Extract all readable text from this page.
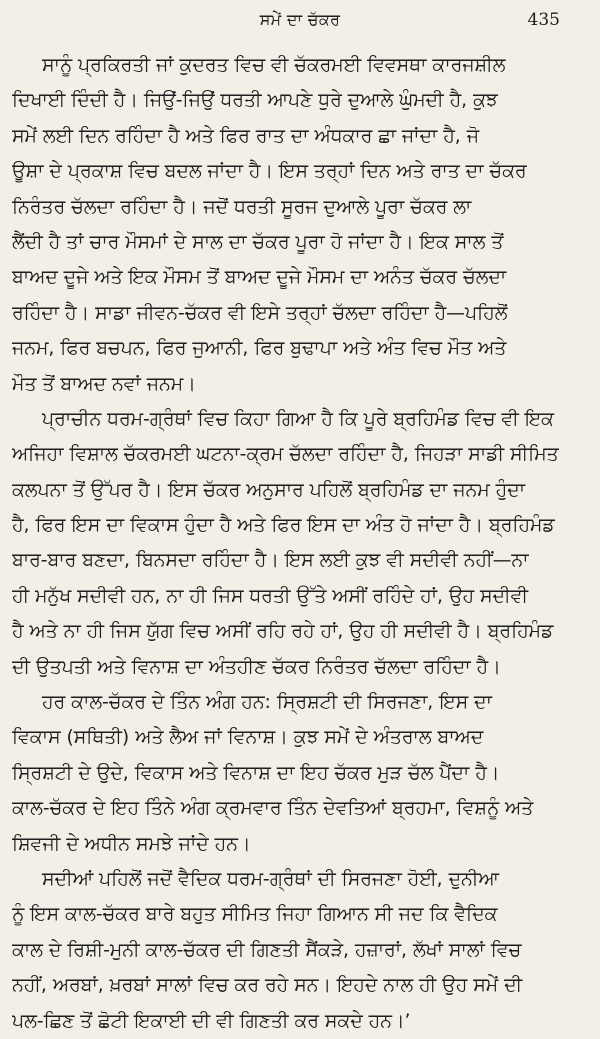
ਸਮੇਂ ਦਾ ਚੱਕਰ	435
ਸਾਨੂੰ ਪ੍ਰਕਿਰਤੀ ਜਾਂ ਕੁਦਰਤ ਵਿਚ ਵੀ ਚੱਕਰਮਈ ਵਿਵਸਥਾ ਕਾਰਜਸ਼ੀਲ
ਦਿਖਾਈ ਦਿੰਦੀ ਹੈ। ਜਿਉਂ-ਜਿਉਂ ਧਰਤੀ ਆਪਣੇ ਧੁਰੇ ਦੁਆਲੇ ਘੁੰਮਦੀ ਹੈ, ਕੁਝ
ਸਮੇਂ ਲਈ ਦਿਨ ਰਹਿੰਦਾ ਹੈ ਅਤੇ ਫਿਰ ਰਾਤ ਦਾ ਅੰਧਕਾਰ ਛਾ ਜਾਂਦਾ ਹੈ, ਜੋ
ਊਸ਼ਾ ਦੇ ਪ੍ਰਕਾਸ਼ ਵਿਚ ਬਦਲ ਜਾਂਦਾ ਹੈ। ਇਸ ਤਰ੍ਹਾਂ ਦਿਨ ਅਤੇ ਰਾਤ ਦਾ ਚੱਕਰ
ਨਿਰੰਤਰ ਚੱਲਦਾ ਰਹਿੰਦਾ ਹੈ। ਜਦੋਂ ਧਰਤੀ ਸੂਰਜ ਦੁਆਲੇ ਪੂਰਾ ਚੱਕਰ ਲਾ
ਲੈਂਦੀ ਹੈ ਤਾਂ ਚਾਰ ਮੌਸਮਾਂ ਦੇ ਸਾਲ ਦਾ ਚੱਕਰ ਪੂਰਾ ਹੋ ਜਾਂਦਾ ਹੈ। ਇਕ ਸਾਲ ਤੋਂ
ਬਾਅਦ ਦੂਜੇ ਅਤੇ ਇਕ ਮੌਸਮ ਤੋਂ ਬਾਅਦ ਦੂਜੇ ਮੌਸਮ ਦਾ ਅਨੰਤ ਚੱਕਰ ਚੱਲਦਾ
ਰਹਿੰਦਾ ਹੈ। ਸਾਡਾ ਜੀਵਨ-ਚੱਕਰ ਵੀ ਇਸੇ ਤਰ੍ਹਾਂ ਚੱਲਦਾ ਰਹਿੰਦਾ ਹੈ—ਪਹਿਲੋਂ
ਜਨਮ, ਫਿਰ ਬਚਪਨ, ਫਿਰ ਜੁਆਨੀ, ਫਿਰ ਬੁਢਾਪਾ ਅਤੇ ਅੰਤ ਵਿਚ ਮੌਤ ਅਤੇ
ਮੌਤ ਤੋਂ ਬਾਅਦ ਨਵਾਂ ਜਨਮ।
ਪ੍ਰਾਚੀਨ ਧਰਮ-ਗ੍ਰੰਥਾਂ ਵਿਚ ਕਿਹਾ ਗਿਆ ਹੈ ਕਿ ਪੂਰੇ ਬ੍ਰਹਿਮੰਡ ਵਿਚ ਵੀ ਇਕ
ਅਜਿਹਾ ਵਿਸ਼ਾਲ ਚੱਕਰਮਈ ਘਟਨਾ-ਕ੍ਰਮ ਚੱਲਦਾ ਰਹਿੰਦਾ ਹੈ, ਜਿਹੜਾ ਸਾਡੀ ਸੀਮਿਤ
ਕਲਪਨਾ ਤੋਂ ਉੱਪਰ ਹੈ। ਇਸ ਚੱਕਰ ਅਨੁਸਾਰ ਪਹਿਲੋਂ ਬ੍ਰਹਿਮੰਡ ਦਾ ਜਨਮ ਹੁੰਦਾ
ਹੈ, ਫਿਰ ਇਸ ਦਾ ਵਿਕਾਸ ਹੁੰਦਾ ਹੈ ਅਤੇ ਫਿਰ ਇਸ ਦਾ ਅੰਤ ਹੋ ਜਾਂਦਾ ਹੈ। ਬ੍ਰਹਿਮੰਡ
ਬਾਰ-ਬਾਰ ਬਣਦਾ, ਬਿਨਸਦਾ ਰਹਿੰਦਾ ਹੈ। ਇਸ ਲਈ ਕੁਝ ਵੀ ਸਦੀਵੀ ਨਹੀਂ—ਨਾ
ਹੀ ਮਨੁੱਖ ਸਦੀਵੀ ਹਨ, ਨਾ ਹੀ ਜਿਸ ਧਰਤੀ ਉੱਤੇ ਅਸੀਂ ਰਹਿੰਦੇ ਹਾਂ, ਉਹ ਸਦੀਵੀ
ਹੈ ਅਤੇ ਨਾ ਹੀ ਜਿਸ ਯੁੱਗ ਵਿਚ ਅਸੀਂ ਰਹਿ ਰਹੇ ਹਾਂ, ਉਹ ਹੀ ਸਦੀਵੀ ਹੈ। ਬ੍ਰਹਿਮੰਡ
ਦੀ ਉਤਪਤੀ ਅਤੇ ਵਿਨਾਸ਼ ਦਾ ਅੰਤਹੀਣ ਚੱਕਰ ਨਿਰੰਤਰ ਚੱਲਦਾ ਰਹਿੰਦਾ ਹੈ।
ਹਰ ਕਾਲ-ਚੱਕਰ ਦੇ ਤਿੰਨ ਅੰਗ ਹਨ: ਸ੍ਰਿਸ਼ਟੀ ਦੀ ਸਿਰਜਣਾ, ਇਸ ਦਾ
ਵਿਕਾਸ (ਸਥਿਤੀ) ਅਤੇ ਲੈਅ ਜਾਂ ਵਿਨਾਸ਼। ਕੁਝ ਸਮੇਂ ਦੇ ਅੰਤਰਾਲ ਬਾਅਦ
ਸ੍ਰਿਸ਼ਟੀ ਦੇ ਉਦੇ, ਵਿਕਾਸ ਅਤੇ ਵਿਨਾਸ਼ ਦਾ ਇਹ ਚੱਕਰ ਮੁੜ ਚੱਲ ਪੈਂਦਾ ਹੈ।
ਕਾਲ-ਚੱਕਰ ਦੇ ਇਹ ਤਿੰਨੇ ਅੰਗ ਕ੍ਰਮਵਾਰ ਤਿੰਨ ਦੇਵਤਿਆਂ ਬ੍ਰਹਮਾ, ਵਿਸ਼ਨੂੰ ਅਤੇ
ਸ਼ਿਵਜੀ ਦੇ ਅਧੀਨ ਸਮਝੇ ਜਾਂਦੇ ਹਨ।
ਸਦੀਆਂ ਪਹਿਲੋਂ ਜਦੋਂ ਵੈਦਿਕ ਧਰਮ-ਗ੍ਰੰਥਾਂ ਦੀ ਸਿਰਜਣਾ ਹੋਈ, ਦੁਨੀਆ
ਨੂੰ ਇਸ ਕਾਲ-ਚੱਕਰ ਬਾਰੇ ਬਹੁਤ ਸੀਮਿਤ ਜਿਹਾ ਗਿਆਨ ਸੀ ਜਦ ਕਿ ਵੈਦਿਕ
ਕਾਲ ਦੇ ਰਿਸ਼ੀ-ਮੁਨੀ ਕਾਲ-ਚੱਕਰ ਦੀ ਗਿਣਤੀ ਸੈਂਕੜੇ, ਹਜ਼ਾਰਾਂ, ਲੱਖਾਂ ਸਾਲਾਂ ਵਿਚ
ਨਹੀਂ, ਅਰਬਾਂ, ਖ਼ਰਬਾਂ ਸਾਲਾਂ ਵਿਚ ਕਰ ਰਹੇ ਸਨ। ਇਹਦੇ ਨਾਲ ਹੀ ਉਹ ਸਮੇਂ ਦੀ
ਪਲ-ਛਿਣ ਤੋਂ ਛੋਟੀ ਇਕਾਈ ਦੀ ਵੀ ਗਿਣਤੀ ਕਰ ਸਕਦੇ ਹਨ।’
